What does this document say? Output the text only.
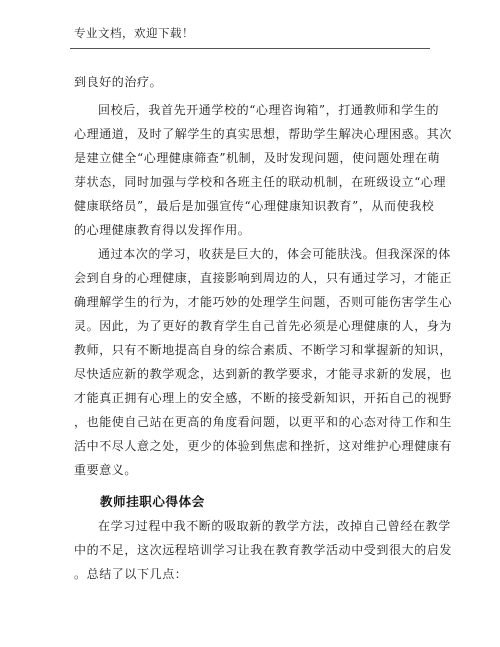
专业文档，欢迎下载！
到良好的治疗。
回校后，我首先开通学校的“心理咨询箱”，打通教师和学生的
心理通道，及时了解学生的真实思想，帮助学生解决心理困惑。其次
是建立健全“心理健康筛查”机制，及时发现问题，使问题处理在萌
芽状态，同时加强与学校和各班主任的联动机制，在班级设立“心理
健康联络员”，最后是加强宣传“心理健康知识教育”，从而使我校
的心理健康教育得以发挥作用。
通过本次的学习，收获是巨大的，体会可能肤浅。但我深深的体
会到自身的心理健康，直接影响到周边的人，只有通过学习，才能正
确理解学生的行为，才能巧妙的处理学生问题，否则可能伤害学生心
灵。因此，为了更好的教育学生自己首先必须是心理健康的人，身为
教师，只有不断地提高自身的综合素质、不断学习和掌握新的知识，
尽快适应新的教学观念，达到新的教学要求，才能寻求新的发展，也
才能真正拥有心理上的安全感，不断的接受新知识，开拓自己的视野
，也能使自己站在更高的角度看问题，以更平和的心态对待工作和生
活中不尽人意之处，更少的体验到焦虑和挫折，这对维护心理健康有
重要意义。
教师挂职心得体会
在学习过程中我不断的吸取新的教学方法，改掉自己曾经在教学
中的不足，这次远程培训学习让我在教育教学活动中受到很大的启发
。总结了以下几点：
